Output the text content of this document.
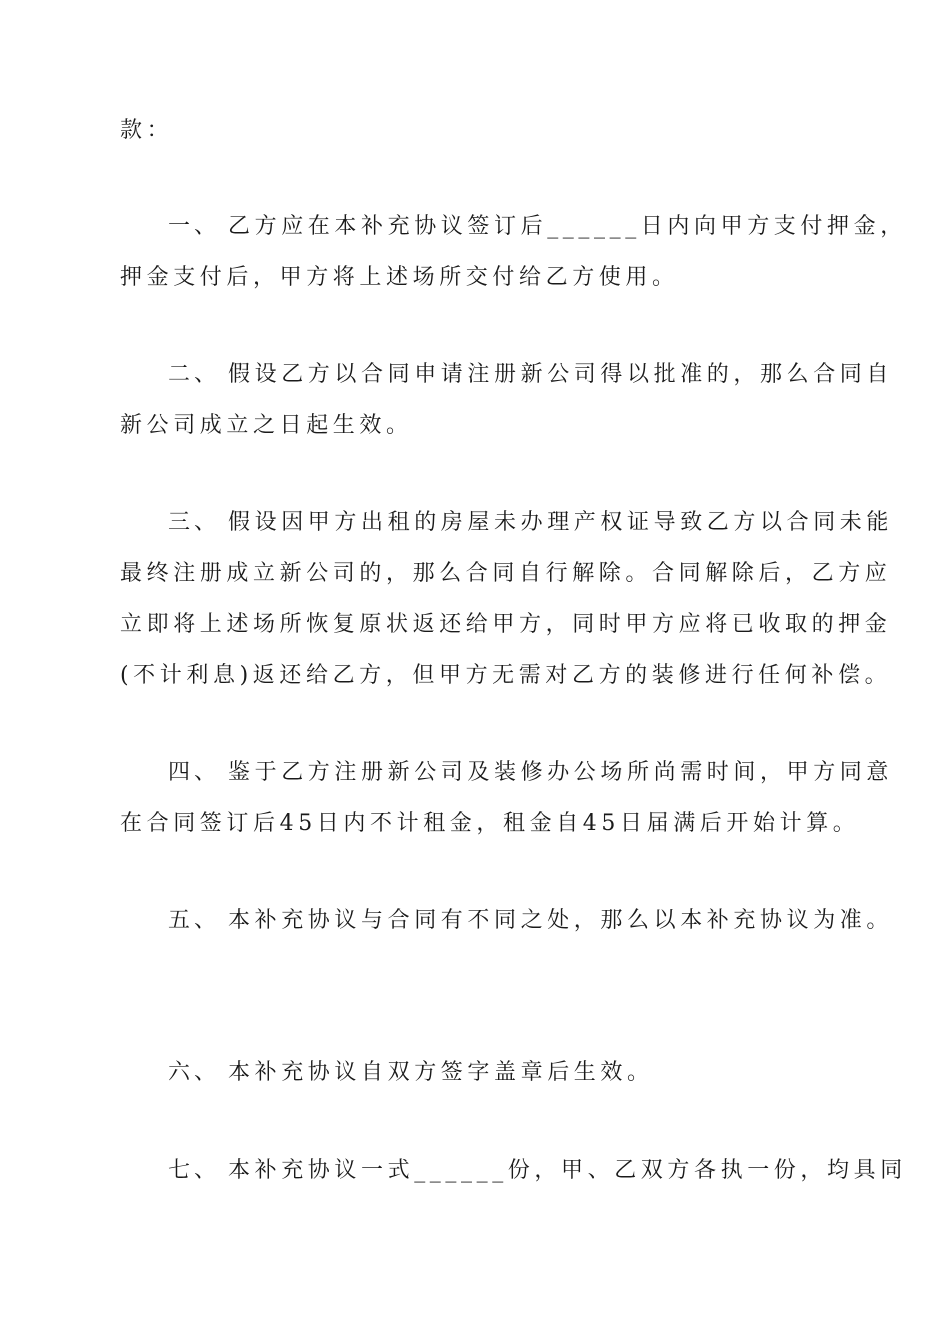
款：
一、 乙方应在本补充协议签订后______日内向甲方支付押金，
押金支付后，甲方将上述场所交付给乙方使用。
二、 假设乙方以合同申请注册新公司得以批准的，那么合同自
新公司成立之日起生效。
三、 假设因甲方出租的房屋未办理产权证导致乙方以合同未能
最终注册成立新公司的，那么合同自行解除。合同解除后，乙方应
立即将上述场所恢复原状返还给甲方，同时甲方应将已收取的押金
(不计利息)返还给乙方，但甲方无需对乙方的装修进行任何补偿。
四、 鉴于乙方注册新公司及装修办公场所尚需时间，甲方同意
在合同签订后45日内不计租金，租金自45日届满后开始计算。
五、 本补充协议与合同有不同之处，那么以本补充协议为准。
六、 本补充协议自双方签字盖章后生效。
七、 本补充协议一式______份，甲、乙双方各执一份，均具同
